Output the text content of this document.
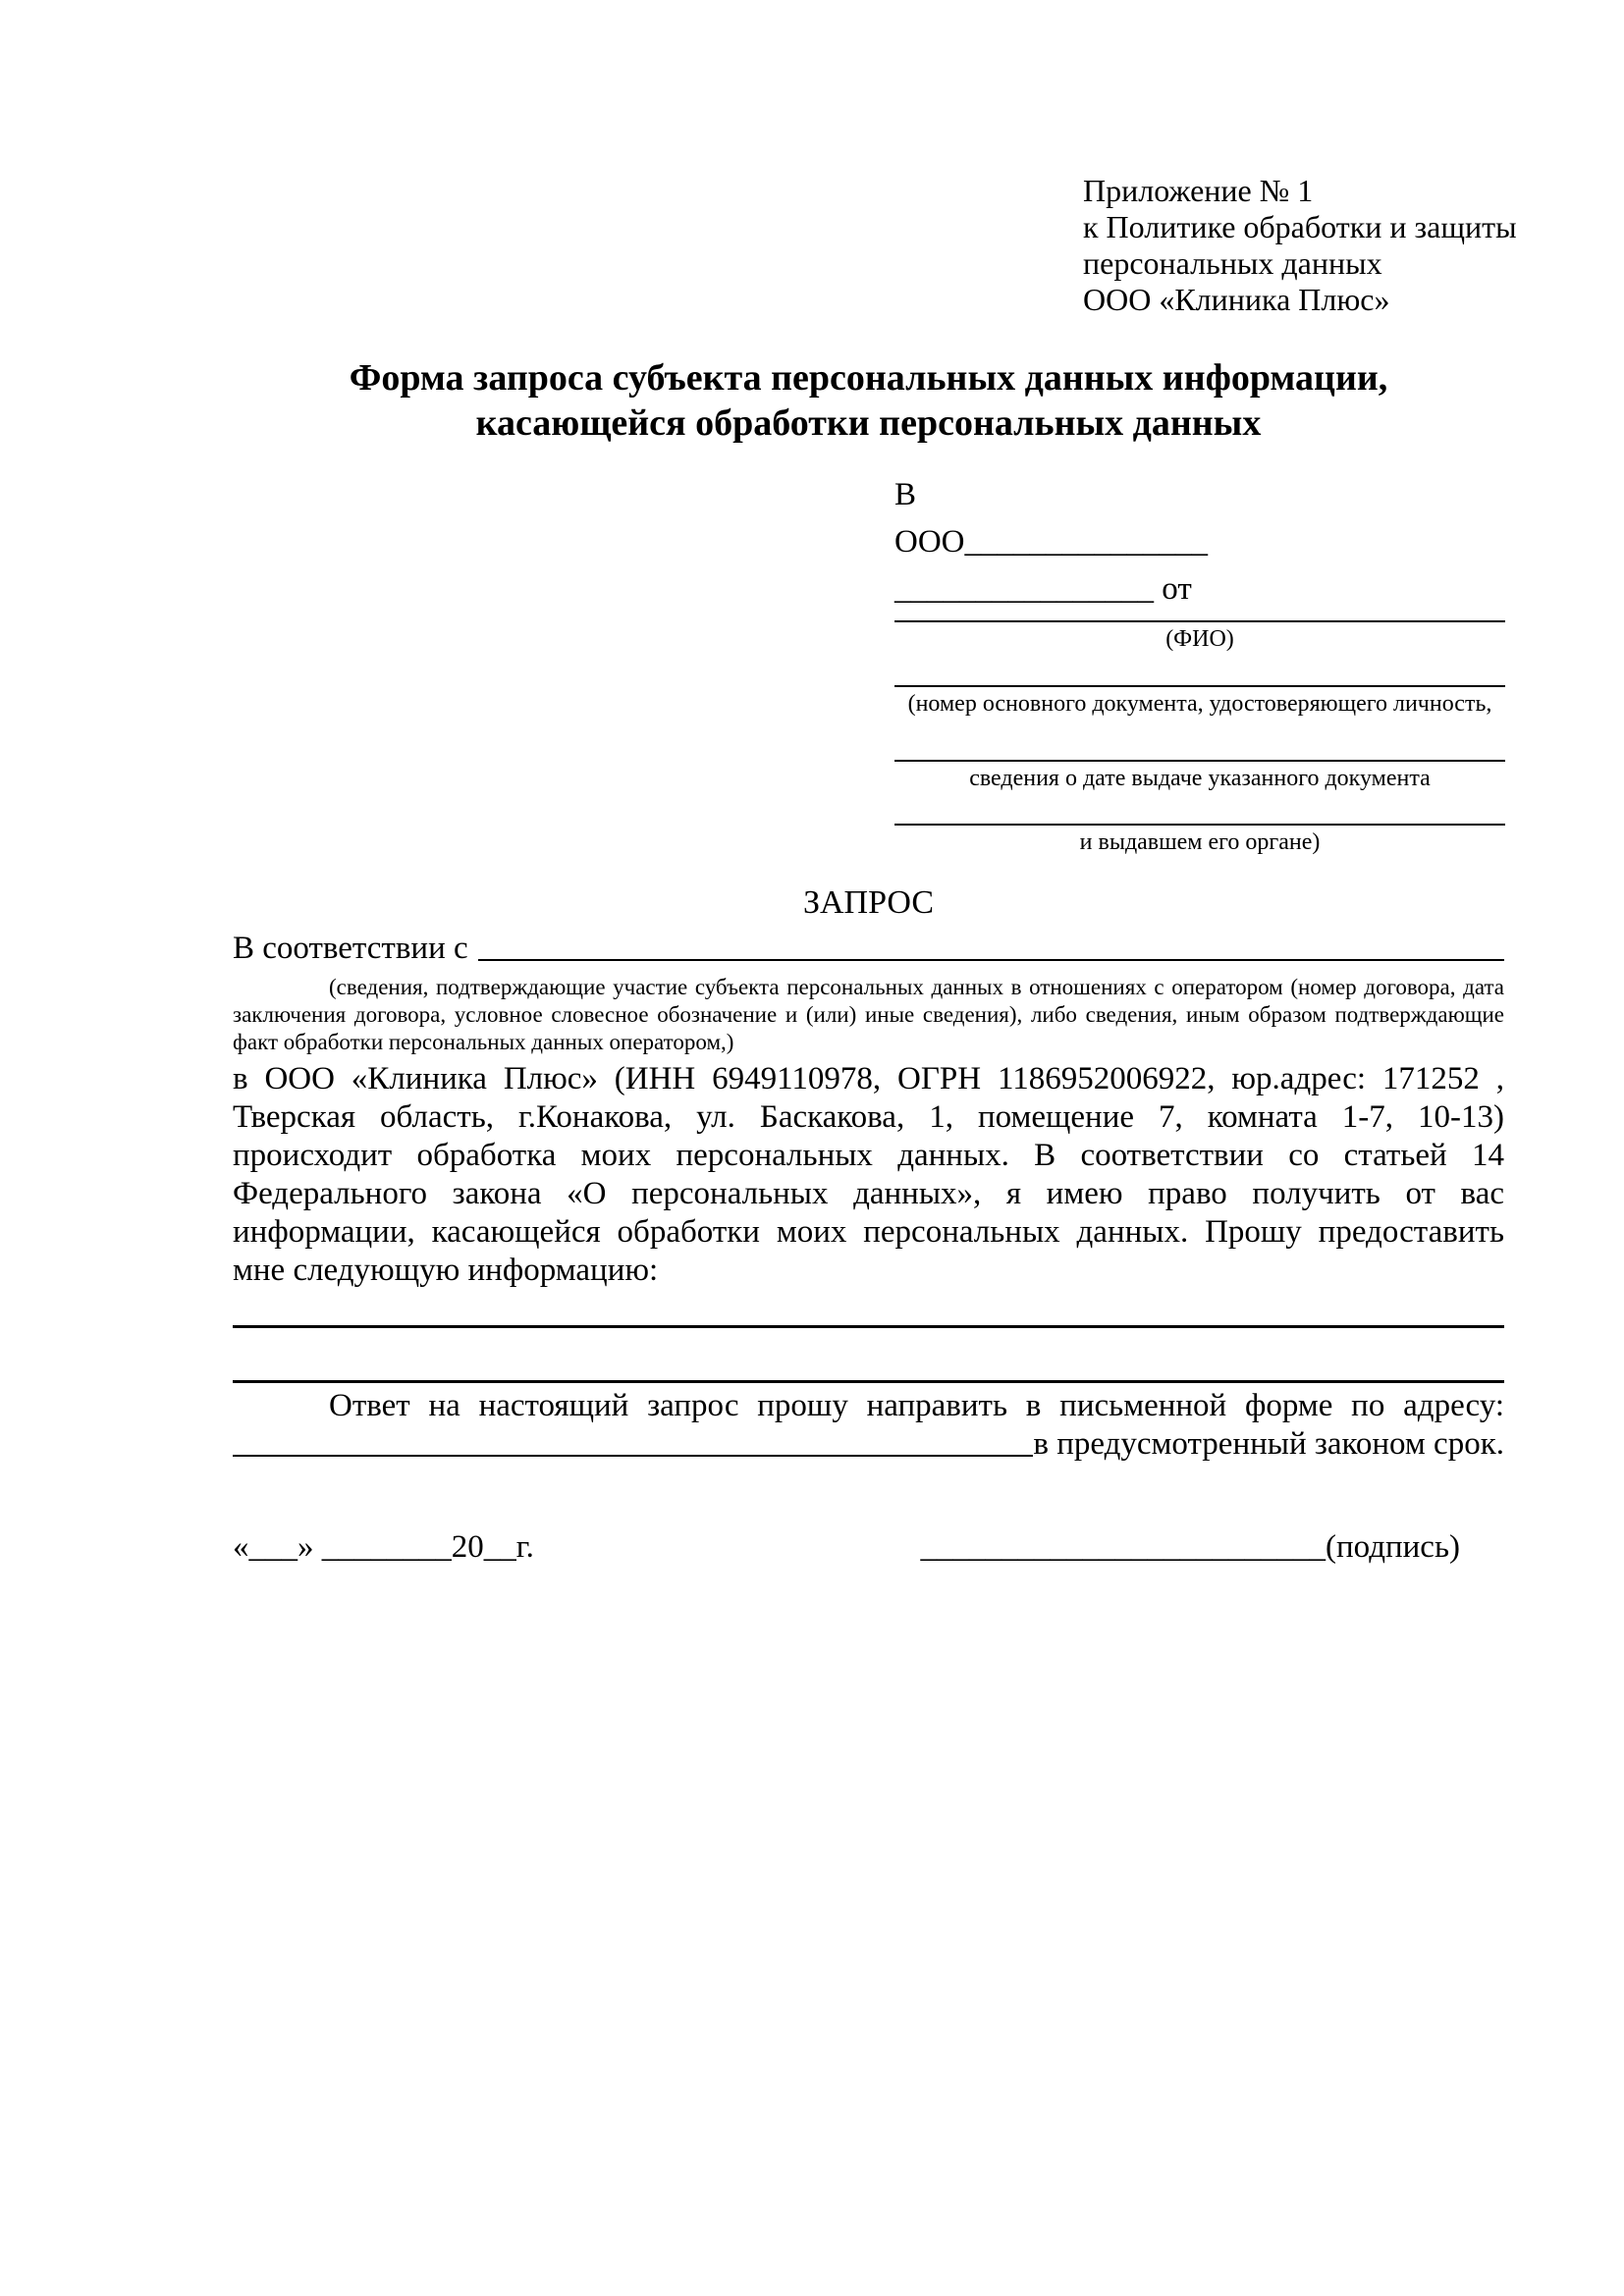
Приложение № 1
к Политике обработки и защиты
персональных данных
ООО «Клиника Плюс»
Форма запроса субъекта персональных данных информации,
касающейся обработки персональных данных
В
ООО_______________
________________ от
(ФИО)
(номер основного документа, удостоверяющего личность,
сведения о дате выдаче указанного документа
и выдавшем его органе)
ЗАПРОС
В соответствии с
(сведения, подтверждающие участие субъекта персональных данных в отношениях с оператором (номер договора, дата заключения договора, условное словесное обозначение и (или) иные сведения), либо сведения, иным образом подтверждающие факт обработки персональных данных оператором,)
в ООО «Клиника Плюс» (ИНН 6949110978, ОГРН 1186952006922, юр.адрес: 171252 , Тверская область, г.Конакова, ул. Баскакова, 1, помещение 7, комната 1-7, 10-13) происходит обработка моих персональных данных. В соответствии со статьей 14 Федерального закона «О персональных данных», я имею право получить от вас информации, касающейся обработки моих персональных данных. Прошу предоставить мне следующую информацию:
Ответ на настоящий запрос прошу направить в письменной форме по адресу:
в предусмотренный законом срок.
«___» ________20__г.	_________________________(подпись)
